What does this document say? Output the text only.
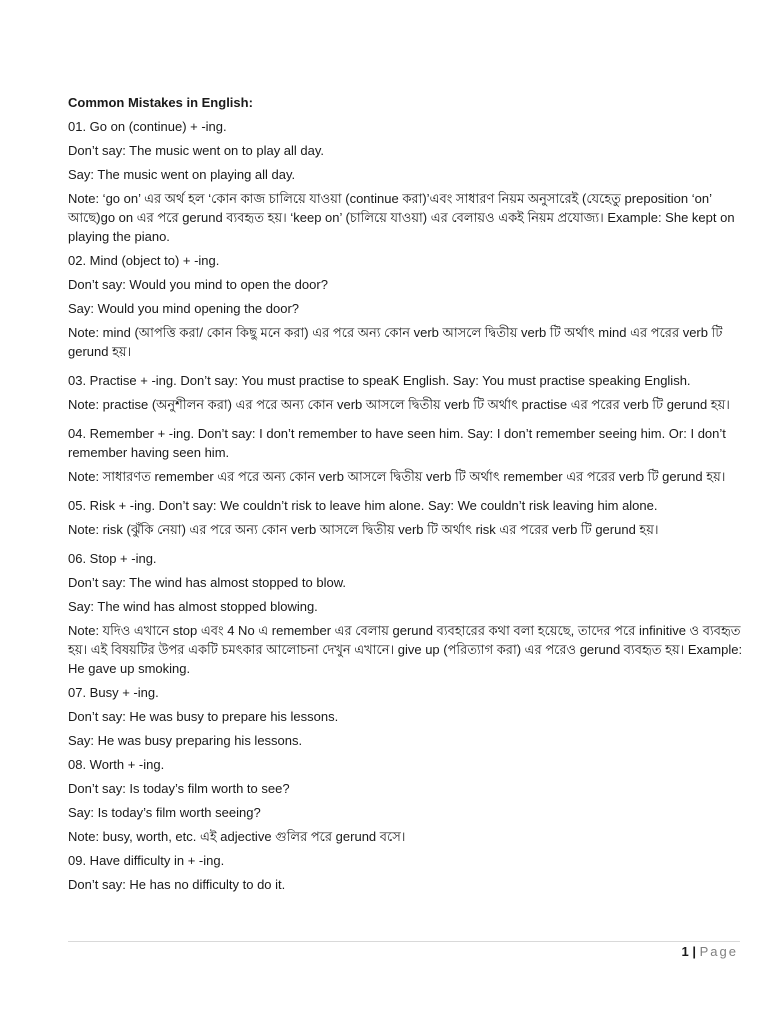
Common Mistakes in English:
01. Go on (continue) + -ing.
Don’t say: The music went on to play all day.
Say: The music went on playing all day.
Note: ‘go on’ এর অর্থ হল ‘কোন কাজ চালিয়ে যাওয়া (continue করা)’এবং সাধারণ নিয়ম অনুসারেই (যেহেতু preposition ‘on’ আছে)go on এর পরে gerund ব্যবহৃত হয়। ‘keep on’ (চালিয়ে যাওয়া) এর বেলায়ও একই নিয়ম প্রযোজ্য। Example: She kept on playing the piano.
02. Mind (object to) + -ing.
Don’t say: Would you mind to open the door?
Say: Would you mind opening the door?
Note: mind (আপত্তি করা/ কোন কিছু মনে করা) এর পরে অন্য কোন verb আসলে দ্বিতীয় verb টি অর্থাৎ mind এর পরের verb টি gerund হয়।
03. Practise + -ing. Don’t say: You must practise to speaK English. Say: You must practise speaking English.
Note: practise (অনুশীলন করা) এর পরে অন্য কোন verb আসলে দ্বিতীয় verb টি অর্থাৎ practise এর পরের verb টি gerund হয়।
04. Remember + -ing. Don’t say: I don’t remember to have seen him. Say: I don’t remember seeing him. Or: I don’t remember having seen him.
Note: সাধারণত remember এর পরে অন্য কোন verb আসলে দ্বিতীয় verb টি অর্থাৎ remember এর পরের verb টি gerund হয়।
05. Risk + -ing. Don’t say: We couldn’t risk to leave him alone. Say: We couldn’t risk leaving him alone.
Note: risk (ঝুঁকি নেয়া) এর পরে অন্য কোন verb আসলে দ্বিতীয় verb টি অর্থাৎ risk এর পরের verb টি gerund হয়।
06. Stop + -ing.
Don’t say: The wind has almost stopped to blow.
Say: The wind has almost stopped blowing.
Note: যদিও এখানে stop এবং 4 No এ remember এর বেলায় gerund ব্যবহারের কথা বলা হয়েছে, তাদের পরে infinitive ও ব্যবহৃত হয়। এই বিষয়টির উপর একটি চমৎকার আলোচনা দেখুন এখানে। give up (পরিত্যাগ করা) এর পরেও gerund ব্যবহৃত হয়। Example: He gave up smoking.
07. Busy + -ing.
Don’t say: He was busy to prepare his lessons.
Say: He was busy preparing his lessons.
08. Worth + -ing.
Don’t say: Is today’s film worth to see?
Say: Is today’s film worth seeing?
Note: busy, worth, etc. এই adjective গুলির পরে gerund বসে।
09. Have difficulty in + -ing.
Don’t say: He has no difficulty to do it.
1 | Page
